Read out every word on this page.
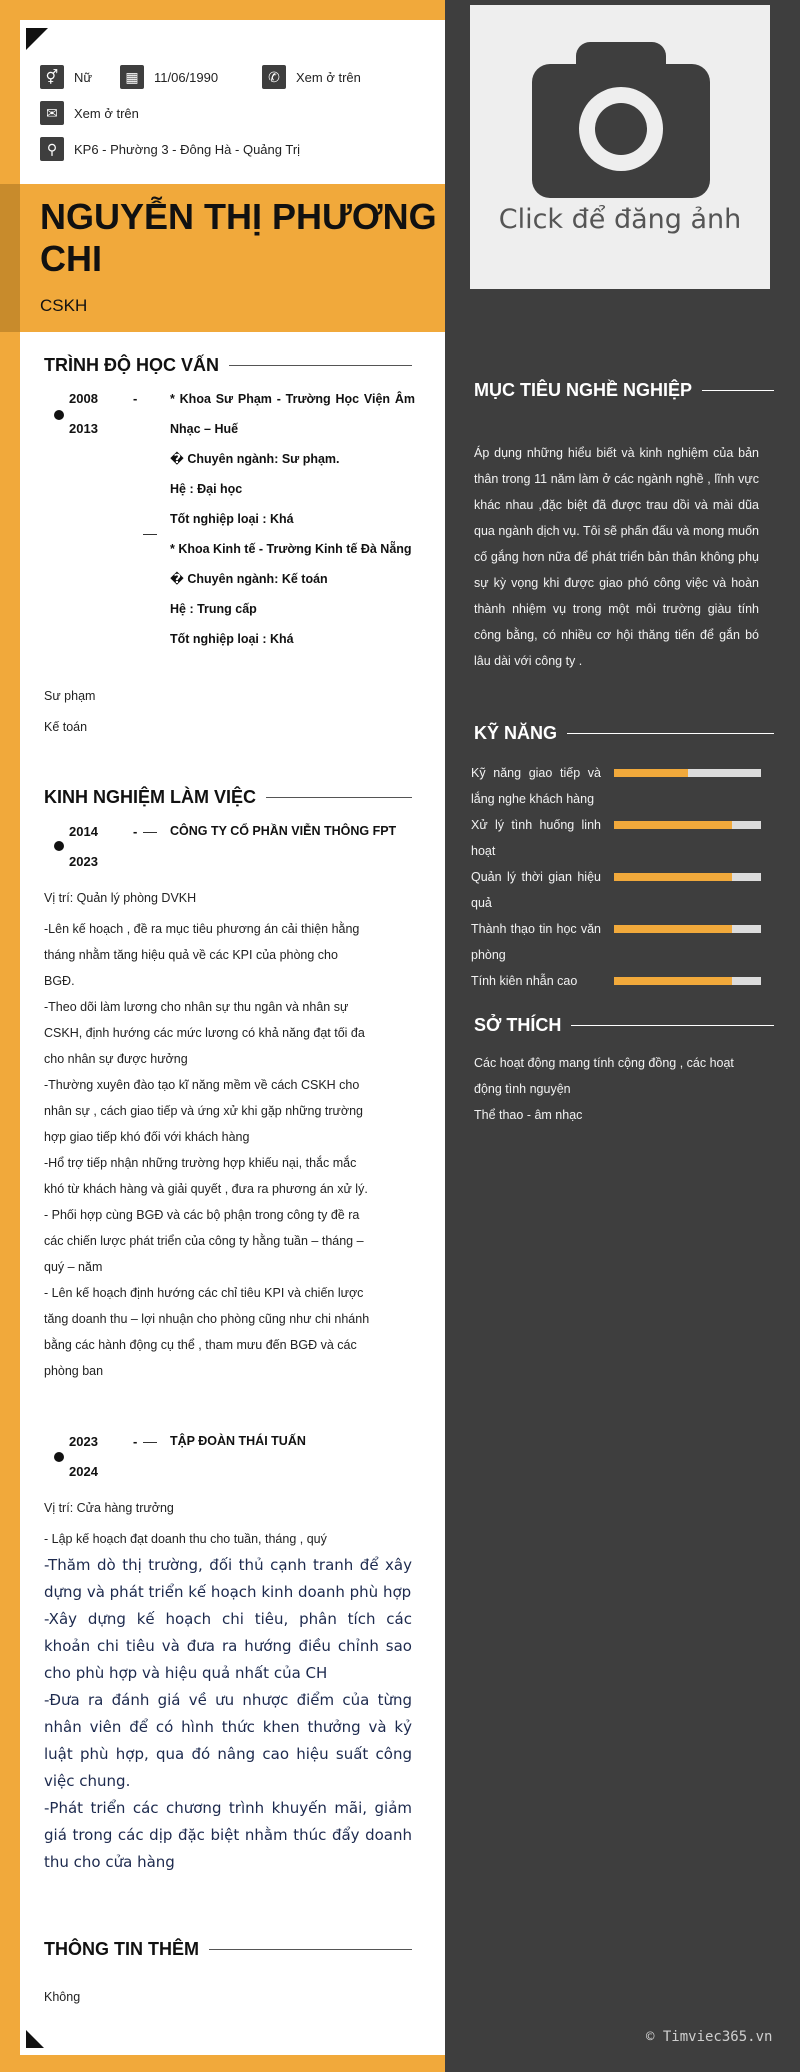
⚥	Nữ	▦	11/06/1990	✆	Xem ở trên
✉	Xem ở trên
⚲	KP6 - Phường 3 - Đông Hà - Quảng Trị
NGUYỄN THỊ PHƯƠNG CHI
CSKH
Click để đăng ảnh
TRÌNH ĐỘ HỌC VẤN
2008
2013
-	* Khoa Sư Phạm - Trường Học Viện Âm
Nhạc – Huế
� Chuyên ngành: Sư phạm.
Hệ : Đại học
Tốt nghiệp loại : Khá
* Khoa Kinh tế - Trường Kinh tế Đà Nẵng
� Chuyên ngành: Kế toán
Hệ : Trung cấp
Tốt nghiệp loại : Khá
Sư phạm
Kế toán
KINH NGHIỆM LÀM VIỆC
2014
2023
-	CÔNG TY CỔ PHẦN VIỄN THÔNG FPT
Vị trí: Quản lý phòng DVKH
-Lên kế hoạch , đề ra mục tiêu phương án cải thiện hằng
tháng nhằm tăng hiệu quả về các KPI của phòng cho
BGĐ.
-Theo dõi làm lương cho nhân sự thu ngân và nhân sự
CSKH, định hướng các mức lương có khả năng đạt tối đa
cho nhân sự được hưởng
-Thường xuyên đào tạo kĩ năng mềm về cách CSKH cho
nhân sự , cách giao tiếp và ứng xử khi gặp những trường
hợp giao tiếp khó đối với khách hàng
-Hổ trợ tiếp nhận những trường hợp khiếu nại, thắc mắc
khó từ khách hàng và giải quyết , đưa ra phương án xử lý.
- Phối hợp cùng BGĐ và các bộ phận trong công ty đề ra
các chiến lược phát triển của công ty hằng tuần – tháng –
quý – năm
- Lên kế hoạch định hướng các chỉ tiêu KPI và chiến lược
tăng doanh thu – lợi nhuận cho phòng cũng như chi nhánh
bằng các hành động cụ thể , tham mưu đến BGĐ và các
phòng ban
2023
2024
-	TẬP ĐOÀN THÁI TUẤN
Vị trí: Cửa hàng trưởng
- Lập kế hoạch đạt doanh thu cho tuần, tháng , quý
-Thăm dò thị trường, đối thủ cạnh tranh để xây dựng và phát triển kế hoạch kinh doanh phù hợp
-Xây dựng kế hoạch chi tiêu, phân tích các khoản chi tiêu và đưa ra hướng điều chỉnh sao cho phù hợp và hiệu quả nhất của CH
-Đưa ra đánh giá về ưu nhược điểm của từng nhân viên để có hình thức khen thưởng và kỷ luật phù hợp, qua đó nâng cao hiệu suất công việc chung.
-Phát triển các chương trình khuyến mãi, giảm giá trong các dịp đặc biệt nhằm thúc đẩy doanh thu cho cửa hàng
THÔNG TIN THÊM
Không
MỤC TIÊU NGHỀ NGHIỆP
Áp dụng những hiểu biết và kinh nghiệm của bản thân trong 11 năm làm ở các ngành nghề , lĩnh vực khác nhau ,đặc biệt đã được trau dồi và mài dũa qua ngành dịch vụ. Tôi sẽ phấn đấu và mong muốn cố gắng hơn nữa để phát triển bản thân không phụ sự kỳ vọng khi được giao phó công việc và hoàn thành nhiệm vụ trong một môi trường giàu tính công bằng, có nhiều cơ hội thăng tiến để gắn bó lâu dài với công ty .
KỸ NĂNG
Kỹ năng giao tiếp và lắng nghe khách hàng
Xử lý tình huống linh hoạt
Quản lý thời gian hiệu quả
Thành thạo tin học văn phòng
Tính kiên nhẫn cao
SỞ THÍCH
Các hoạt động mang tính cộng đồng , các hoạt động tình nguyện
Thể thao - âm nhạc
© Timviec365.vn
